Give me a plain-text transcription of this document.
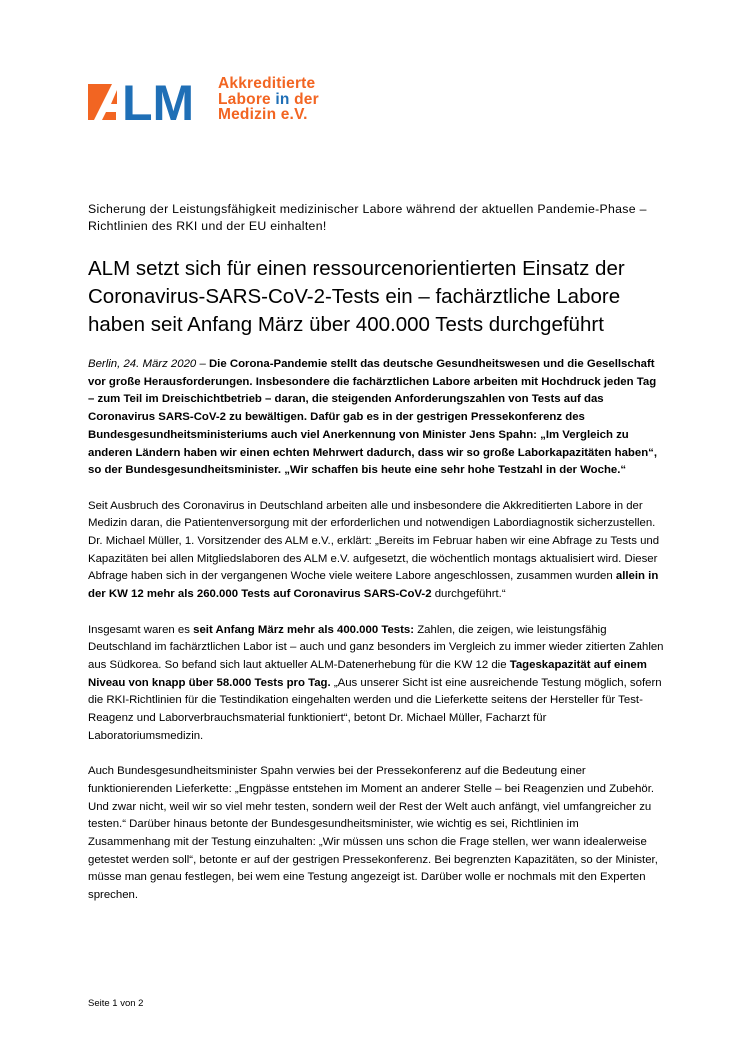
LM Akkreditierte
Labore in der
Medizin e.V.
Sicherung der Leistungsfähigkeit medizinischer Labore während der aktuellen Pandemie-Phase – Richtlinien des RKI und der EU einhalten!
ALM setzt sich für einen ressourcenorientierten Einsatz der
Coronavirus-SARS-CoV-2-Tests ein – fachärztliche Labore
haben seit Anfang März über 400.000 Tests durchgeführt

Berlin, 24. März 2020 – Die Corona-Pandemie stellt das deutsche Gesundheitswesen und die Gesellschaft vor große Herausforderungen. Insbesondere die fachärztlichen Labore arbeiten mit Hochdruck jeden Tag – zum Teil im Dreischichtbetrieb – daran, die steigenden Anforderungszahlen von Tests auf das Coronavirus SARS-CoV-2 zu bewältigen. Dafür gab es in der gestrigen Pressekonferenz des Bundesgesundheitsministeriums auch viel Anerkennung von Minister Jens Spahn: „Im Vergleich zu anderen Ländern haben wir einen echten Mehrwert dadurch, dass wir so große Laborkapazitäten haben“, so der Bundesgesundheitsminister. „Wir schaffen bis heute eine sehr hohe Testzahl in der Woche.“

Seit Ausbruch des Coronavirus in Deutschland arbeiten alle und insbesondere die Akkreditierten Labore in der Medizin daran, die Patientenversorgung mit der erforderlichen und notwendigen Labordiagnostik sicherzustellen. Dr. Michael Müller, 1. Vorsitzender des ALM e.V., erklärt: „Bereits im Februar haben wir eine Abfrage zu Tests und Kapazitäten bei allen Mitgliedslaboren des ALM e.V. aufgesetzt, die wöchentlich montags aktualisiert wird. Dieser Abfrage haben sich in der vergangenen Woche viele weitere Labore angeschlossen, zusammen wurden allein in der KW 12 mehr als 260.000 Tests auf Coronavirus SARS-CoV-2 durchgeführt.“

Insgesamt waren es seit Anfang März mehr als 400.000 Tests: Zahlen, die zeigen, wie leistungsfähig Deutschland im fachärztlichen Labor ist – auch und ganz besonders im Vergleich zu immer wieder zitierten Zahlen aus Südkorea. So befand sich laut aktueller ALM-Datenerhebung für die KW 12 die Tageskapazität auf einem Niveau von knapp über 58.000 Tests pro Tag. „Aus unserer Sicht ist eine ausreichende Testung möglich, sofern die RKI-Richtlinien für die Testindikation eingehalten werden und die Lieferkette seitens der Hersteller für Test-Reagenz und Laborverbrauchsmaterial funktioniert“, betont Dr. Michael Müller, Facharzt für Laboratoriumsmedizin.

Auch Bundesgesundheitsminister Spahn verwies bei der Pressekonferenz auf die Bedeutung einer funktionierenden Lieferkette: „Engpässe entstehen im Moment an anderer Stelle – bei Reagenzien und Zubehör. Und zwar nicht, weil wir so viel mehr testen, sondern weil der Rest der Welt auch anfängt, viel umfangreicher zu testen.“ Darüber hinaus betonte der Bundesgesundheitsminister, wie wichtig es sei, Richtlinien im Zusammenhang mit der Testung einzuhalten: „Wir müssen uns schon die Frage stellen, wer wann idealerweise getestet werden soll“, betonte er auf der gestrigen Pressekonferenz. Bei begrenzten Kapazitäten, so der Minister, müsse man genau festlegen, bei wem eine Testung angezeigt ist. Darüber wolle er nochmals mit den Experten sprechen.

Seite 1 von 2
